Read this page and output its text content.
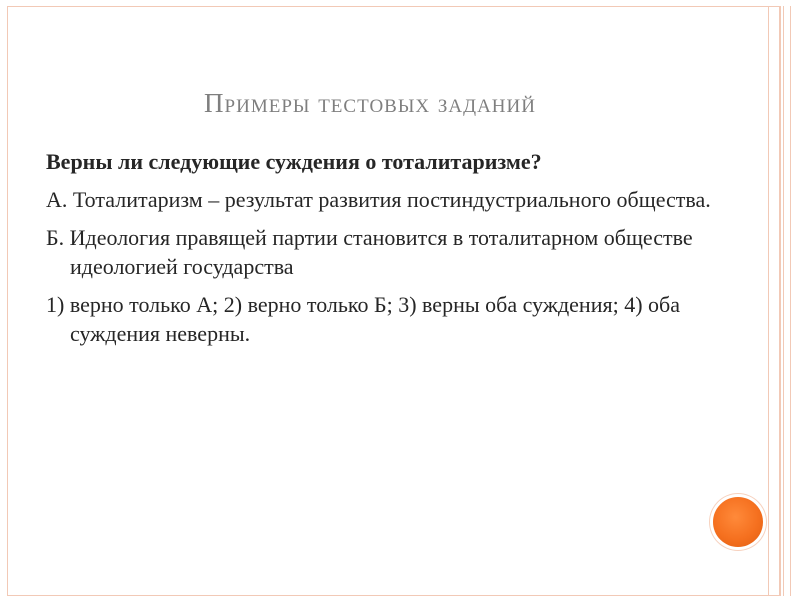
Примеры тестовых заданий

Верны ли следующие суждения о тоталитаризме?

А. Тоталитаризм – результат развития постиндустриального общества.

Б. Идеология правящей партии становится в тоталитарном обществе идеологией государства

1) верно только А; 2) верно только Б; 3) верны оба суждения; 4) оба суждения неверны.
